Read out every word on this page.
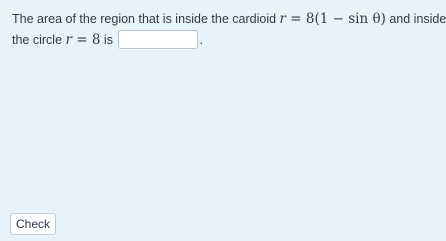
The area of the region that is inside the cardioid r = 8(1 − sin θ) and inside
the circle r = 8 is	.
Check
